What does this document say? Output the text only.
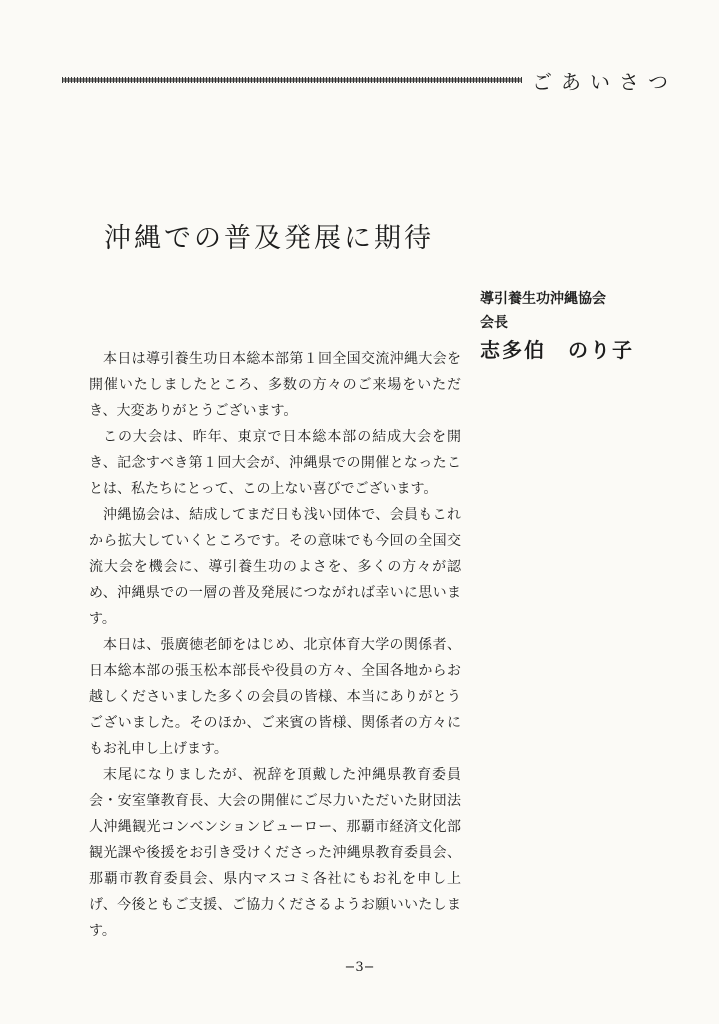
ごあいさつ
沖縄での普及発展に期待
導引養生功沖縄協会
会長
志多伯　のり子

本日は導引養生功日本総本部第１回全国交流沖縄大会を開催いたしましたところ、多数の方々のご来場をいただき、大変ありがとうございます。

この大会は、昨年、東京で日本総本部の結成大会を開き、記念すべき第１回大会が、沖縄県での開催となったことは、私たちにとって、この上ない喜びでございます。

沖縄協会は、結成してまだ日も浅い団体で、会員もこれから拡大していくところです。その意味でも今回の全国交流大会を機会に、導引養生功のよさを、多くの方々が認め、沖縄県での一層の普及発展につながれば幸いに思います。

本日は、張廣徳老師をはじめ、北京体育大学の関係者、日本総本部の張玉松本部長や役員の方々、全国各地からお越しくださいました多くの会員の皆様、本当にありがとうございました。そのほか、ご来賓の皆様、関係者の方々にもお礼申し上げます。

末尾になりましたが、祝辞を頂戴した沖縄県教育委員会・安室肇教育長、大会の開催にご尽力いただいた財団法人沖縄観光コンベンションビューロー、那覇市経済文化部観光課や後援をお引き受けくださった沖縄県教育委員会、那覇市教育委員会、県内マスコミ各社にもお礼を申し上げ、今後ともご支援、ご協力くださるようお願いいたします。

−3−
